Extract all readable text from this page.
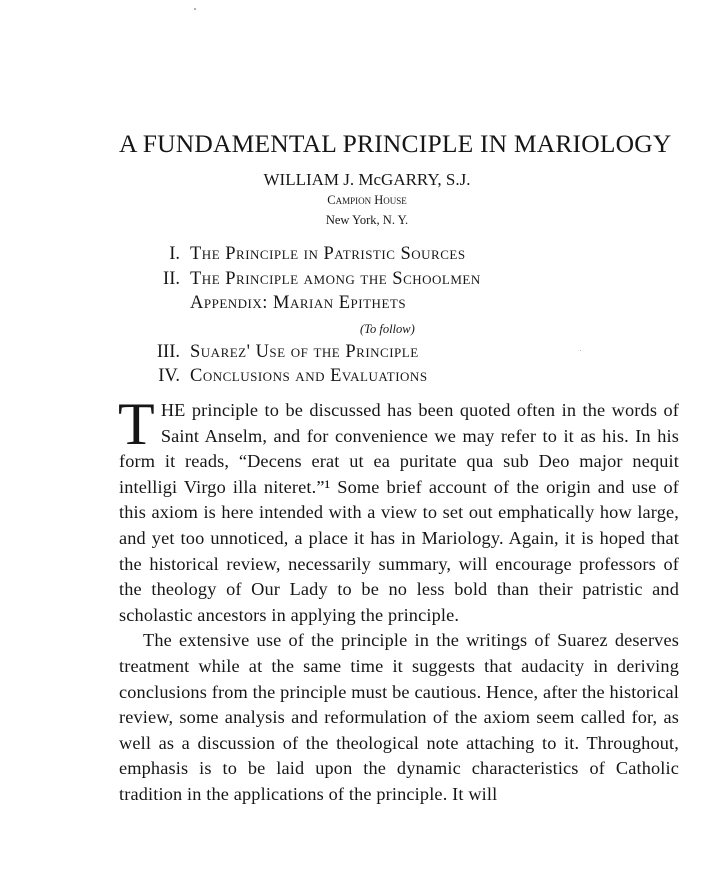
A FUNDAMENTAL PRINCIPLE IN MARIOLOGY
WILLIAM J. McGARRY, S.J.
Campion House
New York, N. Y.
I. The Principle in Patristic Sources
II. The Principle among the Schoolmen
Appendix: Marian Epithets
(To follow)
III. Suarez' Use of the Principle
IV. Conclusions and Evaluations

THE principle to be discussed has been quoted often in the words of Saint Anselm, and for convenience we may refer to it as his. In his form it reads, “Decens erat ut ea puritate qua sub Deo major nequit intelligi Virgo illa niteret.”¹ Some brief account of the origin and use of this axiom is here intended with a view to set out emphatically how large, and yet too unnoticed, a place it has in Mariology. Again, it is hoped that the historical review, necessarily summary, will encourage professors of the theology of Our Lady to be no less bold than their patristic and scholastic ancestors in applying the principle.

The extensive use of the principle in the writings of Suarez deserves treatment while at the same time it suggests that audacity in deriving conclusions from the principle must be cautious. Hence, after the historical review, some analysis and reformulation of the axiom seem called for, as well as a discussion of the theological note attaching to it. Throughout, emphasis is to be laid upon the dynamic characteristics of Catholic tradition in the applications of the principle. It will
